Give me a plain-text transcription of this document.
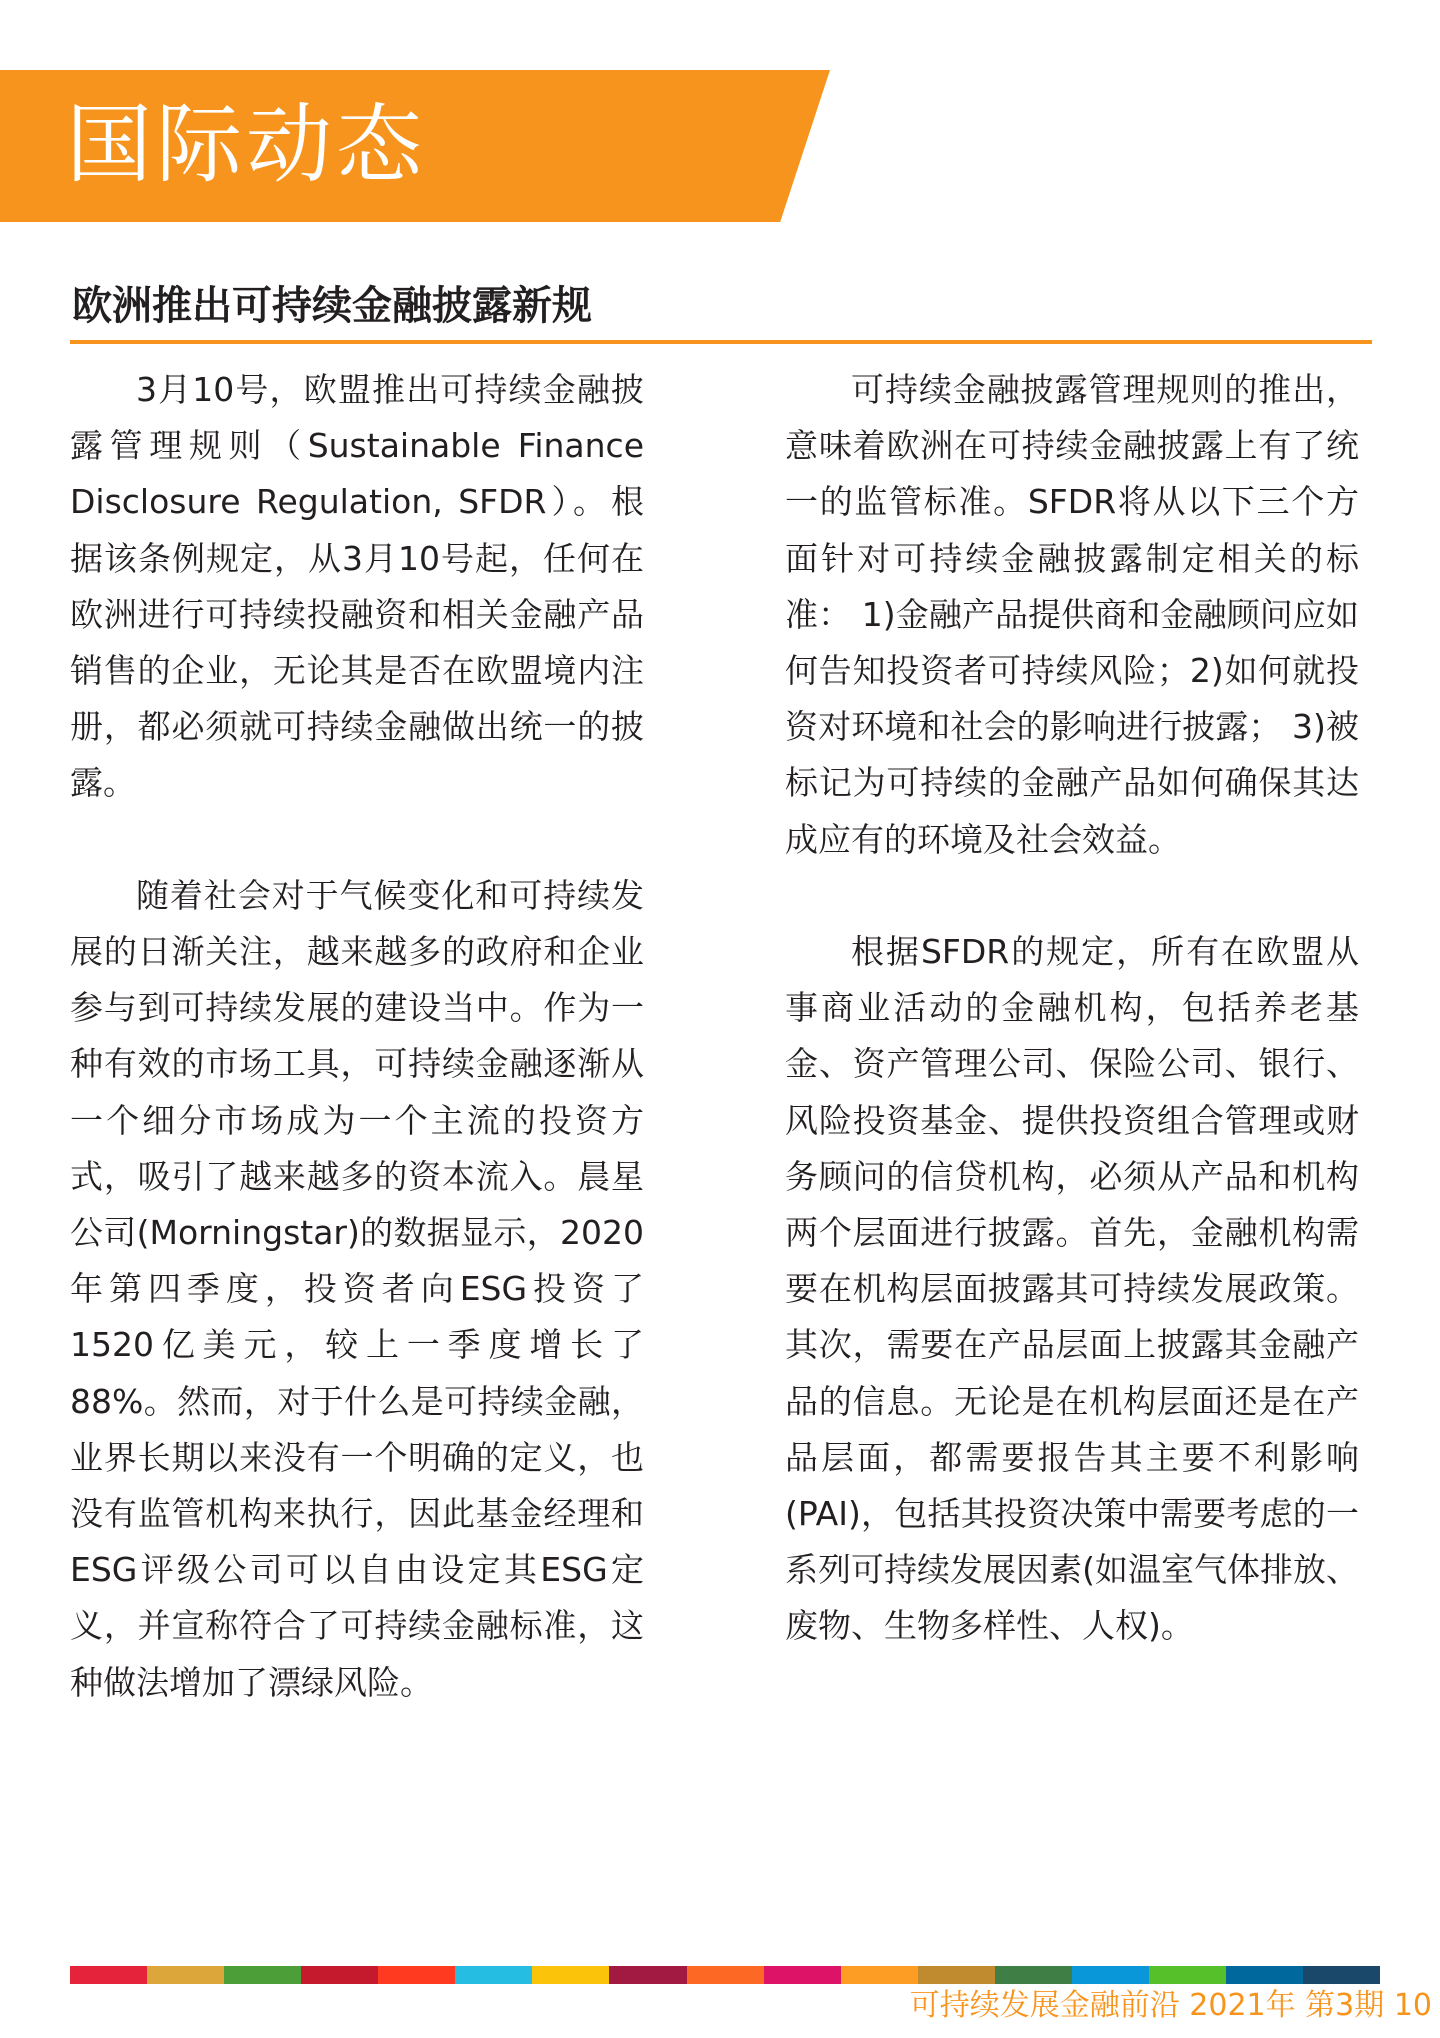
国际动态
欧洲推出可持续金融披露新规

3月10号，欧盟推出可持续金融披露管理规则（Sustainable Finance Disclosure Regulation, SFDR）。根据该条例规定，从3月10号起，任何在欧洲进行可持续投融资和相关金融产品销售的企业，无论其是否在欧盟境内注册，都必须就可持续金融做出统一的披露。

随着社会对于气候变化和可持续发展的日渐关注，越来越多的政府和企业参与到可持续发展的建设当中。作为一种有效的市场工具，可持续金融逐渐从一个细分市场成为一个主流的投资方式，吸引了越来越多的资本流入。晨星公司(Morningstar)的数据显示，2020年第四季度，投资者向ESG投资了1520亿美元，较上一季度增长了88%。然而，对于什么是可持续金融，业界长期以来没有一个明确的定义，也没有监管机构来执行，因此基金经理和ESG评级公司可以自由设定其ESG定义，并宣称符合了可持续金融标准，这种做法增加了漂绿风险。

可持续金融披露管理规则的推出，意味着欧洲在可持续金融披露上有了统一的监管标准。SFDR将从以下三个方面针对可持续金融披露制定相关的标准： 1)金融产品提供商和金融顾问应如何告知投资者可持续风险；2)如何就投资对环境和社会的影响进行披露； 3)被标记为可持续的金融产品如何确保其达成应有的环境及社会效益。

根据SFDR的规定，所有在欧盟从事商业活动的金融机构，包括养老基金、资产管理公司、保险公司、银行、风险投资基金、提供投资组合管理或财务顾问的信贷机构，必须从产品和机构两个层面进行披露。首先，金融机构需要在机构层面披露其可持续发展政策。其次，需要在产品层面上披露其金融产品的信息。无论是在机构层面还是在产品层面，都需要报告其主要不利影响(PAI)，包括其投资决策中需要考虑的一系列可持续发展因素(如温室气体排放、废物、生物多样性、人权)。

可持续发展金融前沿 2021年 第3期 10
